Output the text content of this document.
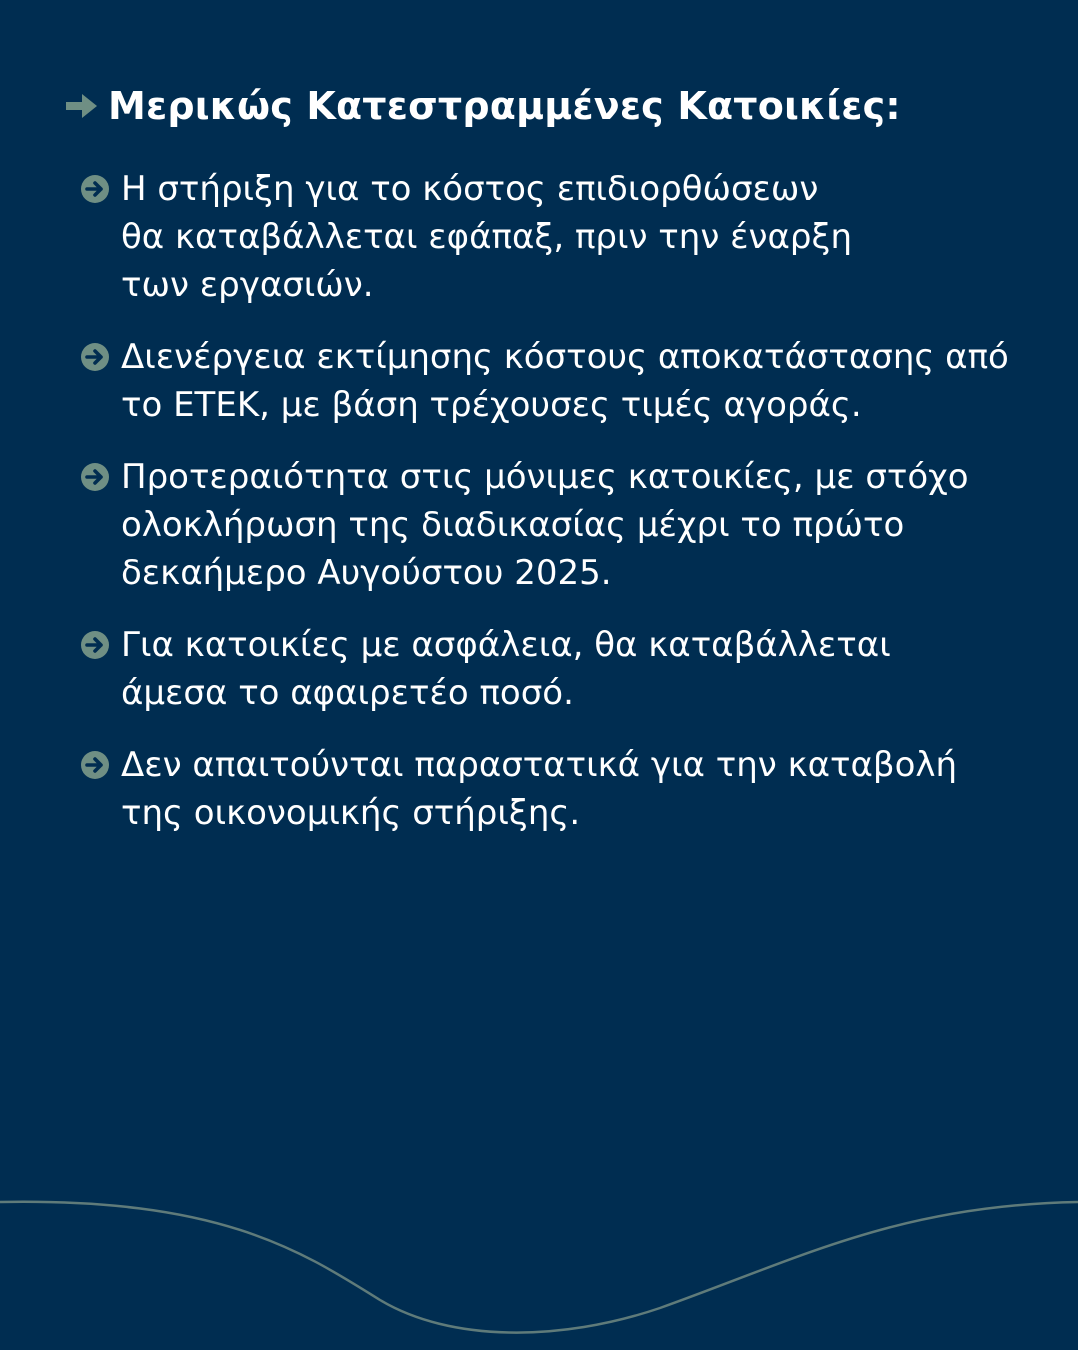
Μερικώς Κατεστραμμένες Κατοικίες:
Η στήριξη για το κόστος επιδιορθώσεων
θα καταβάλλεται εφάπαξ, πριν την έναρξη
των εργασιών.
Διενέργεια εκτίμησης κόστους αποκατάστασης από
το ΕΤΕΚ, με βάση τρέχουσες τιμές αγοράς.
Προτεραιότητα στις μόνιμες κατοικίες, με στόχο
ολοκλήρωση της διαδικασίας μέχρι το πρώτο
δεκαήμερο Αυγούστου 2025.
Για κατοικίες με ασφάλεια, θα καταβάλλεται
άμεσα το αφαιρετέο ποσό.
Δεν απαιτούνται παραστατικά για την καταβολή
της οικονομικής στήριξης.
